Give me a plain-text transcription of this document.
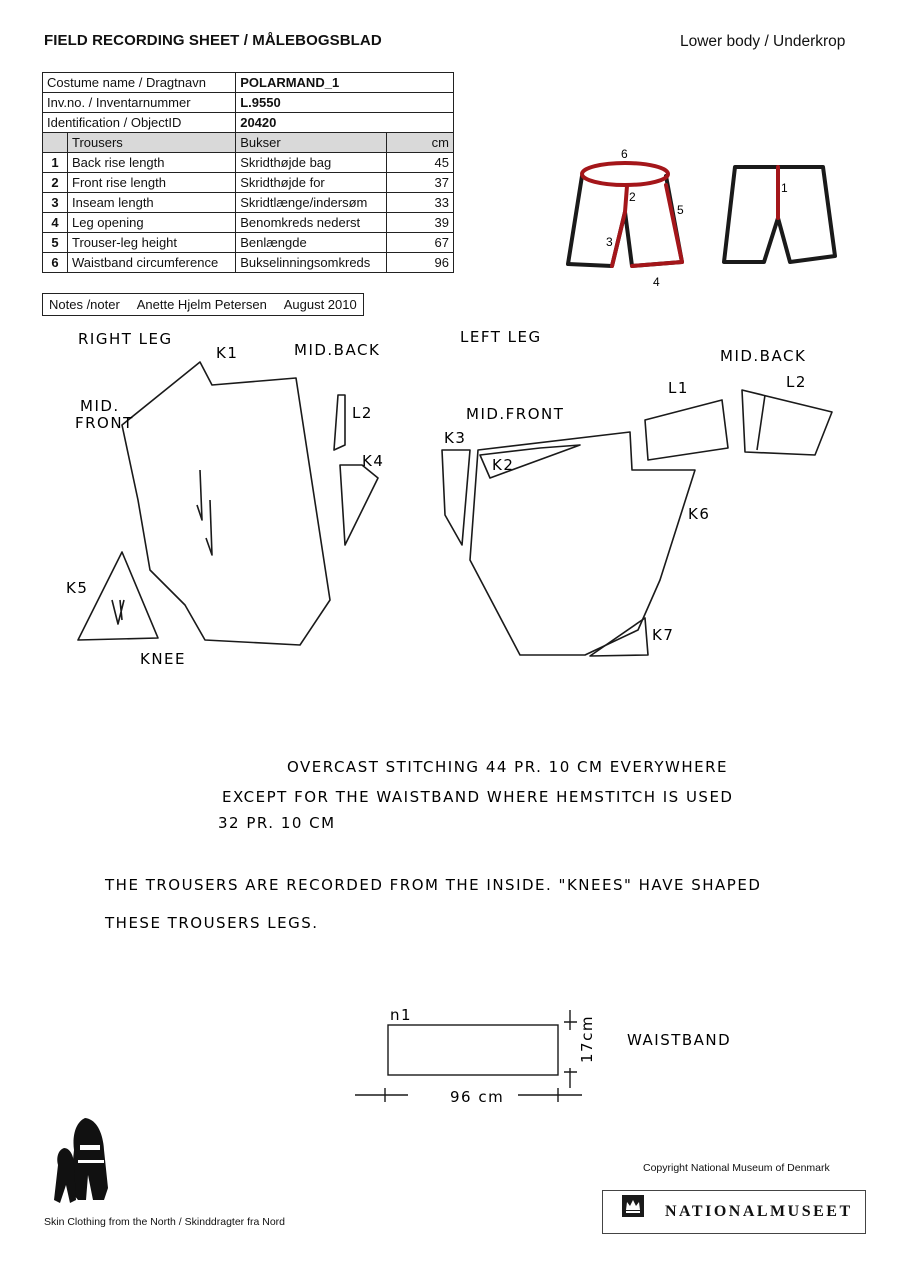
FIELD RECORDING SHEET / MÅLEBOGSBLAD	Lower body / Underkrop
Costume name / Dragtnavn		POLARMAND_1	
Inv.no. / Inventarnummer		L.9550	
Identification / ObjectID		20420	
	Trousers	Bukser	cm
1	Back rise length	Skridthøjde bag	45
2	Front rise length	Skridthøjde for	37
3	Inseam length	Skridtlænge/indersøm	33
4	Leg opening	Benomkreds nederst	39
5	Trouser-leg height	Benlængde	67
6	Waistband circumference	Bukselinningsomkreds	96
Notes /noter Anette Hjelm Petersen August 2010
6
2
5
3
4
1
RIGHT LEG
K1	MID.BACK
MID.
FRONT
L2
K4
K5
KNEE
LEFT LEG
MID.BACK
L1	L2
MID.FRONT
K3
K2
K6
K7
OVERCAST STITCHING 44 PR. 10 CM EVERYWHERE
EXCEPT FOR THE WAISTBAND WHERE HEMSTITCH IS USED
32 PR. 10 CM
THE TROUSERS ARE RECORDED FROM THE INSIDE. "KNEES" HAVE SHAPED
THESE TROUSERS LEGS.
n1
WAISTBAND
96 cm
17cm
Skin Clothing from the North / Skinddragter fra Nord
Copyright National Museum of Denmark
NATIONALMUSEET
